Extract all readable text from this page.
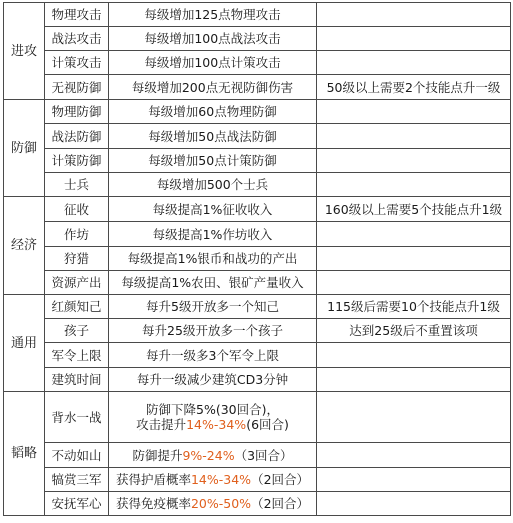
进攻	物理攻击	每级增加125点物理攻击	

	战法攻击	每级增加100点战法攻击	

	计策攻击	每级增加100点计策攻击	

	无视防御	每级增加200点无视防御伤害	50级以上需要2个技能点升一级
防御	物理防御	每级增加60点物理防御	

	战法防御	每级增加50点战法防御	

	计策防御	每级增加50点计策防御	

	士兵	每级增加500个士兵	

经济	征收	每级提高1%征收收入	160级以上需要5个技能点升1级
	作坊	每级提高1%作坊收入	

	狩猎	每级提高1%银币和战功的产出	

	资源产出	每级提高1%农田、银矿产量收入	

通用	红颜知己	每升5级开放多一个知己	115级后需要10个技能点升1级
	孩子	每升25级开放多一个孩子	达到25级后不重置该项
	军令上限	每升一级多3个军令上限	

	建筑时间	每升一级减少建筑CD3分钟	

韬略	背水一战	防御下降5%(30回合)，
攻击提升14%-34%(6回合)	

	不动如山	防御提升9%-24%（3回合）	

	犒赏三军	获得护盾概率14%-34%（2回合）	

	安抚军心	获得免疫概率20%-50%（2回合）	
